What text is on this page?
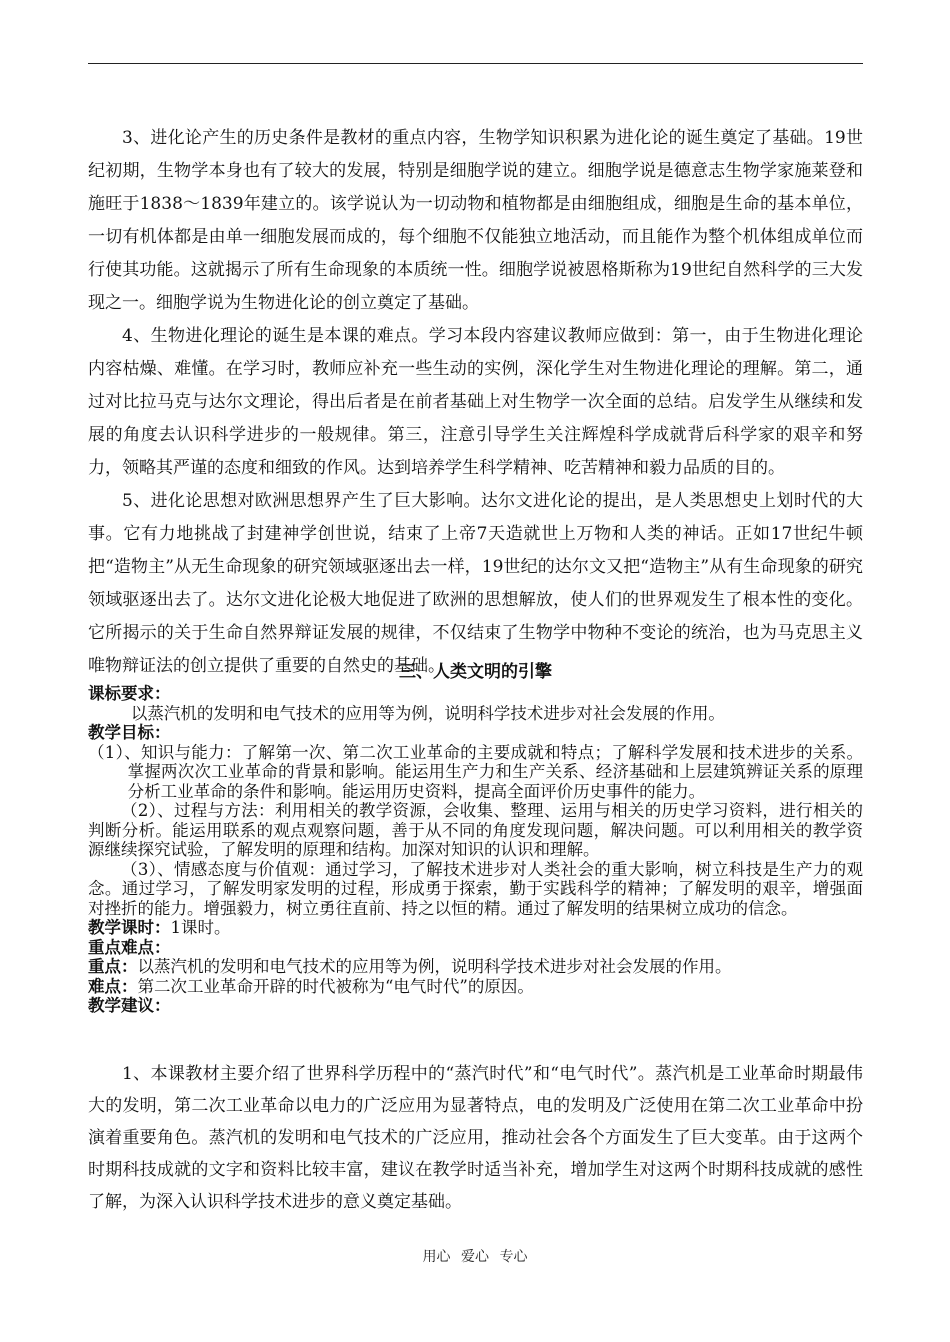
3、进化论产生的历史条件是教材的重点内容，生物学知识积累为进化论的诞生奠定了基础。19世纪初期，生物学本身也有了较大的发展，特别是细胞学说的建立。细胞学说是德意志生物学家施莱登和施旺于1838～1839年建立的。该学说认为一切动物和植物都是由细胞组成，细胞是生命的基本单位，一切有机体都是由单一细胞发展而成的，每个细胞不仅能独立地活动，而且能作为整个机体组成单位而行使其功能。这就揭示了所有生命现象的本质统一性。细胞学说被恩格斯称为19世纪自然科学的三大发现之一。细胞学说为生物进化论的创立奠定了基础。

4、生物进化理论的诞生是本课的难点。学习本段内容建议教师应做到：第一，由于生物进化理论内容枯燥、难懂。在学习时，教师应补充一些生动的实例，深化学生对生物进化理论的理解。第二，通过对比拉马克与达尔文理论，得出后者是在前者基础上对生物学一次全面的总结。启发学生从继续和发展的角度去认识科学进步的一般规律。第三，注意引导学生关注辉煌科学成就背后科学家的艰辛和努力，领略其严谨的态度和细致的作风。达到培养学生科学精神、吃苦精神和毅力品质的目的。

5、进化论思想对欧洲思想界产生了巨大影响。达尔文进化论的提出，是人类思想史上划时代的大事。它有力地挑战了封建神学创世说，结束了上帝7天造就世上万物和人类的神话。正如17世纪牛顿把“造物主”从无生命现象的研究领域驱逐出去一样，19世纪的达尔文又把“造物主”从有生命现象的研究领域驱逐出去了。达尔文进化论极大地促进了欧洲的思想解放，使人们的世界观发生了根本性的变化。它所揭示的关于生命自然界辩证发展的规律，不仅结束了生物学中物种不变论的统治，也为马克思主义唯物辩证法的创立提供了重要的自然史的基础。

三、人类文明的引擎

课标要求：

以蒸汽机的发明和电气技术的应用等为例，说明科学技术进步对社会发展的作用。

教学目标：

（1）、知识与能力：了解第一次、第二次工业革命的主要成就和特点；了解科学发展和技术进步的关系。掌握两次次工业革命的背景和影响。能运用生产力和生产关系、经济基础和上层建筑辨证关系的原理分析工业革命的条件和影响。能运用历史资料，提高全面评价历史事件的能力。

（2）、过程与方法：利用相关的教学资源，会收集、整理、运用与相关的历史学习资料，进行相关的判断分析。能运用联系的观点观察问题，善于从不同的角度发现问题，解决问题。可以利用相关的教学资源继续探究试验，了解发明的原理和结构。加深对知识的认识和理解。

（3）、情感态度与价值观：通过学习，了解技术进步对人类社会的重大影响，树立科技是生产力的观念。通过学习，了解发明家发明的过程，形成勇于探索，勤于实践科学的精神；了解发明的艰辛，增强面对挫折的能力。增强毅力，树立勇往直前、持之以恒的精。通过了解发明的结果树立成功的信念。

教学课时：1课时。

重点难点：

重点：以蒸汽机的发明和电气技术的应用等为例，说明科学技术进步对社会发展的作用。

难点：第二次工业革命开辟的时代被称为“电气时代”的原因。

教学建议：

1、本课教材主要介绍了世界科学历程中的“蒸汽时代”和“电气时代”。蒸汽机是工业革命时期最伟大的发明，第二次工业革命以电力的广泛应用为显著特点，电的发明及广泛使用在第二次工业革命中扮演着重要角色。蒸汽机的发明和电气技术的广泛应用，推动社会各个方面发生了巨大变革。由于这两个时期科技成就的文字和资料比较丰富，建议在教学时适当补充，增加学生对这两个时期科技成就的感性了解，为深入认识科学技术进步的意义奠定基础。

用心 爱心 专心
